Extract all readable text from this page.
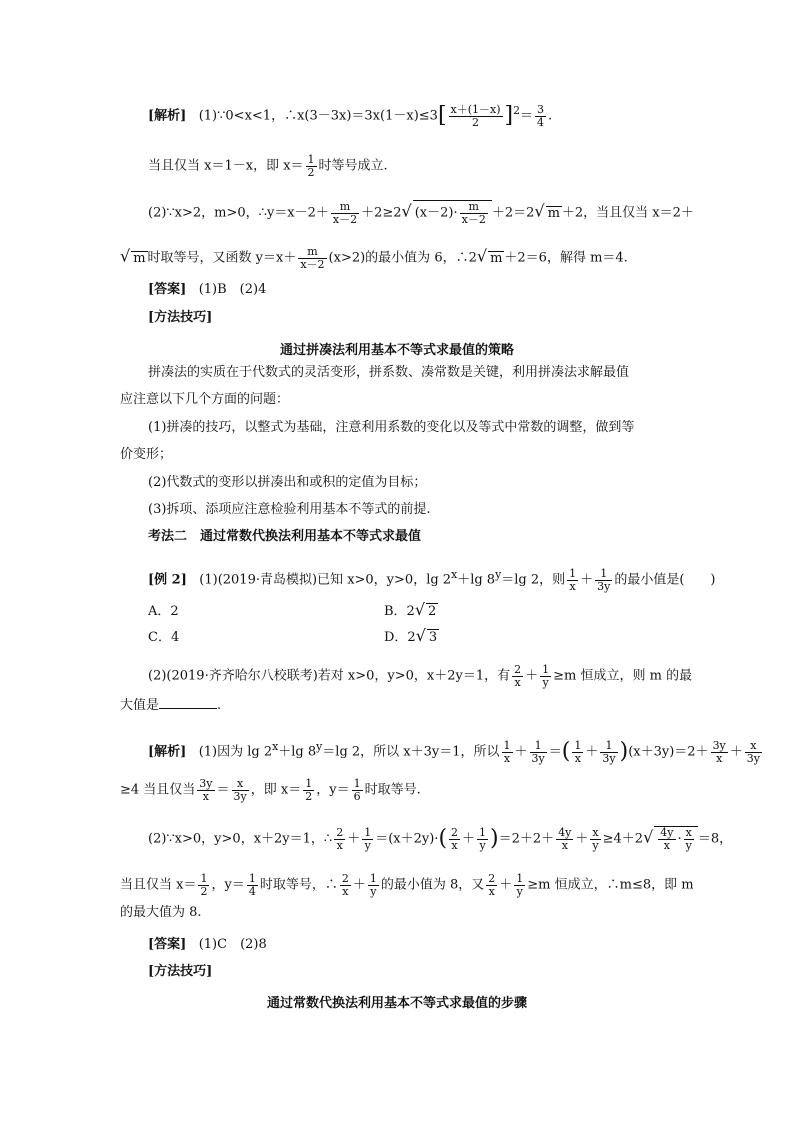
[解析] (1)∵0<x<1，∴x(3－3x)＝3x(1－x)≤3[ $\frac{x+(1-x)}{2} ]^2= \frac{3}{4}$ .
当且仅当 x＝1－x，即 $x= \frac{1}{2}$ 时等号成立.
(2)∵x>2，m>0，∴y＝x－2＋ $\frac{m}{x-2} +2\ge 2√$ $(x-2)\cdot \frac{m}{x-2} +2=2√$ m ＋2，当且仅当 x＝2＋
√ m 时取等号，又函数 $y=x+ \frac{m}{x-2} (x>2)$的最小值为 6，∴2√ m ＋2＝6，解得 m＝4.
[答案] (1)B　(2)4
[方法技巧]
通过拼凑法利用基本不等式求最值的策略
拼凑法的实质在于代数式的灵活变形，拼系数、凑常数是关键，利用拼凑法求解最值
应注意以下几个方面的问题：
(1)拼凑的技巧，以整式为基础，注意利用系数的变化以及等式中常数的调整，做到等
价变形；
(2)代数式的变形以拼凑出和或积的定值为目标；
(3)拆项、添项应注意检验利用基本不等式的前提.
考法二　通过常数代换法利用基本不等式求最值
[例 2] (1)(2019·青岛模拟)已知 x>0，y>0，$\lg 2^x+\lg$ $8^y=\lg$ 2，则 $\frac{1}{x} + \frac{1}{3y}$ 的最小值是(　　)
A．2	B．2√ 2
C．4	D．2√ 3
(2)(2019·齐齐哈尔八校联考)若对 x>0，y>0，x＋2y＝1，有 $\frac{2}{x} + \frac{1}{y} \ge m$ 恒成立，则 m 的最
大值是	.
[解析] (1)因为 $\lg 2^x+\lg$ $8^y=\lg$ 2，所以 x＋3y＝1，所以 $\frac{1}{x} + \frac{1}{3y}$ ＝( $\frac{1}{x} + \frac{1}{3y} )(x+3y)=2+ \frac{3y}{x} + \frac{x}{3y}$
≥4 当且仅当 $\frac{3y}{x} = \frac{x}{3y}$ ，即 $x= \frac{1}{2}$ ，$y= \frac{1}{6}$ 时取等号.
(2)∵x>0，y>0，x＋2y＝1，∴ $\frac{2}{x} + \frac{1}{y} =(x+2y)\cdot( \frac{2}{x} + \frac{1}{y} )=2+2+ \frac{4y}{x} + \frac{x}{y} \ge 4+2√ \frac{4y}{x} \cdot \frac{x}{y} =8$，
当且仅当 $x= \frac{1}{2}$ ，$y= \frac{1}{4}$ 时取等号，∴ $\frac{2}{x} + \frac{1}{y}$ 的最小值为 8，又 $\frac{2}{x} + \frac{1}{y} \ge m$ 恒成立，∴m≤8，即 m
的最大值为 8.
[答案] (1)C　(2)8
[方法技巧]
通过常数代换法利用基本不等式求最值的步骤
